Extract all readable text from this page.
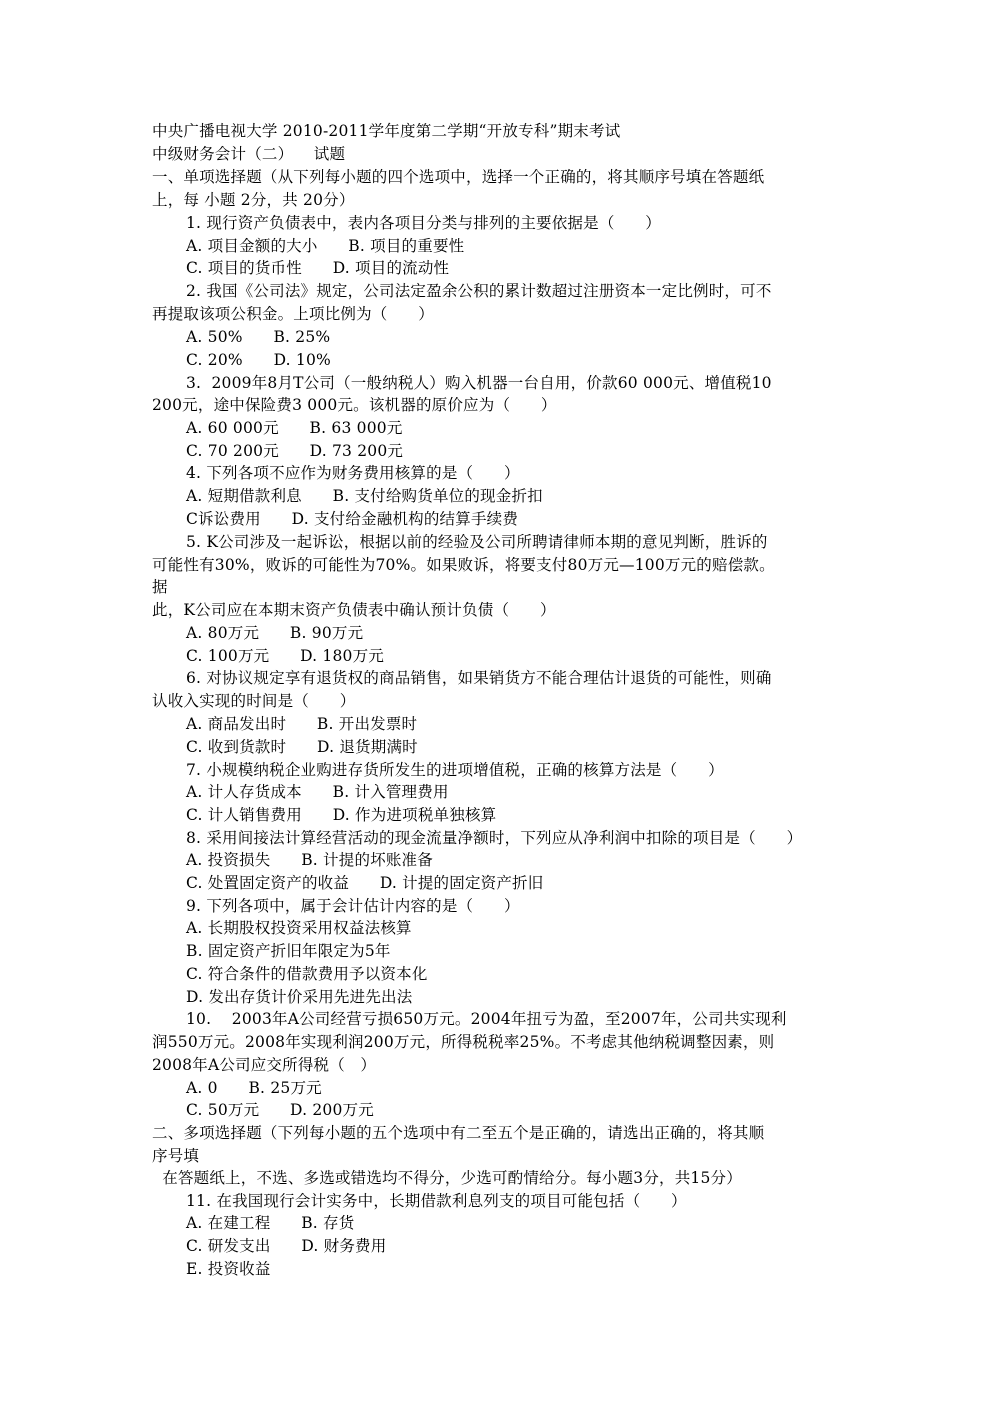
中央广播电视大学 2010-2011学年度第二学期“开放专科”期末考试
中级财务会计（二）    试题
一、单项选择题（从下列每小题的四个选项中，选择一个正确的，将其顺序号填在答题纸
上，每 小题 2分，共 20分）
1. 现行资产负债表中，表内各项目分类与排列的主要依据是（      ）
A. 项目金额的大小      B. 项目的重要性
C. 项目的货币性      D. 项目的流动性
2. 我国《公司法》规定，公司法定盈余公积的累计数超过注册资本一定比例时，可不
再提取该项公积金。上项比例为（      ）
A. 50%      B. 25%
C. 20%      D. 10%
3.  2009年8月T公司（一般纳税人）购入机器一台自用，价款60 000元、增值税10
200元，途中保险费3 000元。该机器的原价应为（      ）
A. 60 000元      B. 63 000元
C. 70 200元      D. 73 200元
4. 下列各项不应作为财务费用核算的是（      ）
A. 短期借款利息      B. 支付给购货单位的现金折扣
C诉讼费用      D. 支付给金融机构的结算手续费
5. K公司涉及一起诉讼，根据以前的经验及公司所聘请律师本期的意见判断，胜诉的
可能性有30%，败诉的可能性为70%。如果败诉，将要支付80万元—100万元的赔偿款。
据
此，K公司应在本期末资产负债表中确认预计负债（      ）
A. 80万元      B. 90万元
C. 100万元      D. 180万元
6. 对协议规定享有退货权的商品销售，如果销货方不能合理估计退货的可能性，则确
认收入实现的时间是（      ）
A. 商品发出时      B. 开出发票时
C. 收到货款时      D. 退货期满时
7. 小规模纳税企业购进存货所发生的进项增值税，正确的核算方法是（      ）
A. 计人存货成本      B. 计入管理费用
C. 计人销售费用      D. 作为进项税单独核算
8. 采用间接法计算经营活动的现金流量净额时，下列应从净利润中扣除的项目是（      ）
A. 投资损失      B. 计提的坏账准备
C. 处置固定资产的收益      D. 计提的固定资产折旧
9. 下列各项中，属于会计估计内容的是（      ）
A. 长期股权投资采用权益法核算
B. 固定资产折旧年限定为5年
C. 符合条件的借款费用予以资本化
D. 发出存货计价采用先进先出法
10.    2003年A公司经营亏损650万元。2004年扭亏为盈，至2007年，公司共实现利
润550万元。2008年实现利润200万元，所得税税率25%。不考虑其他纳税调整因素，则
2008年A公司应交所得税（   ）
A. 0      B. 25万元
C. 50万元      D. 200万元
二、多项选择题（下列每小题的五个选项中有二至五个是正确的，请选出正确的，将其顺
序号填
在答题纸上，不选、多选或错选均不得分，少选可酌情给分。每小题3分，共15分）
11. 在我国现行会计实务中，长期借款利息列支的项目可能包括（      ）
A. 在建工程      B. 存货
C. 研发支出      D. 财务费用
E. 投资收益
